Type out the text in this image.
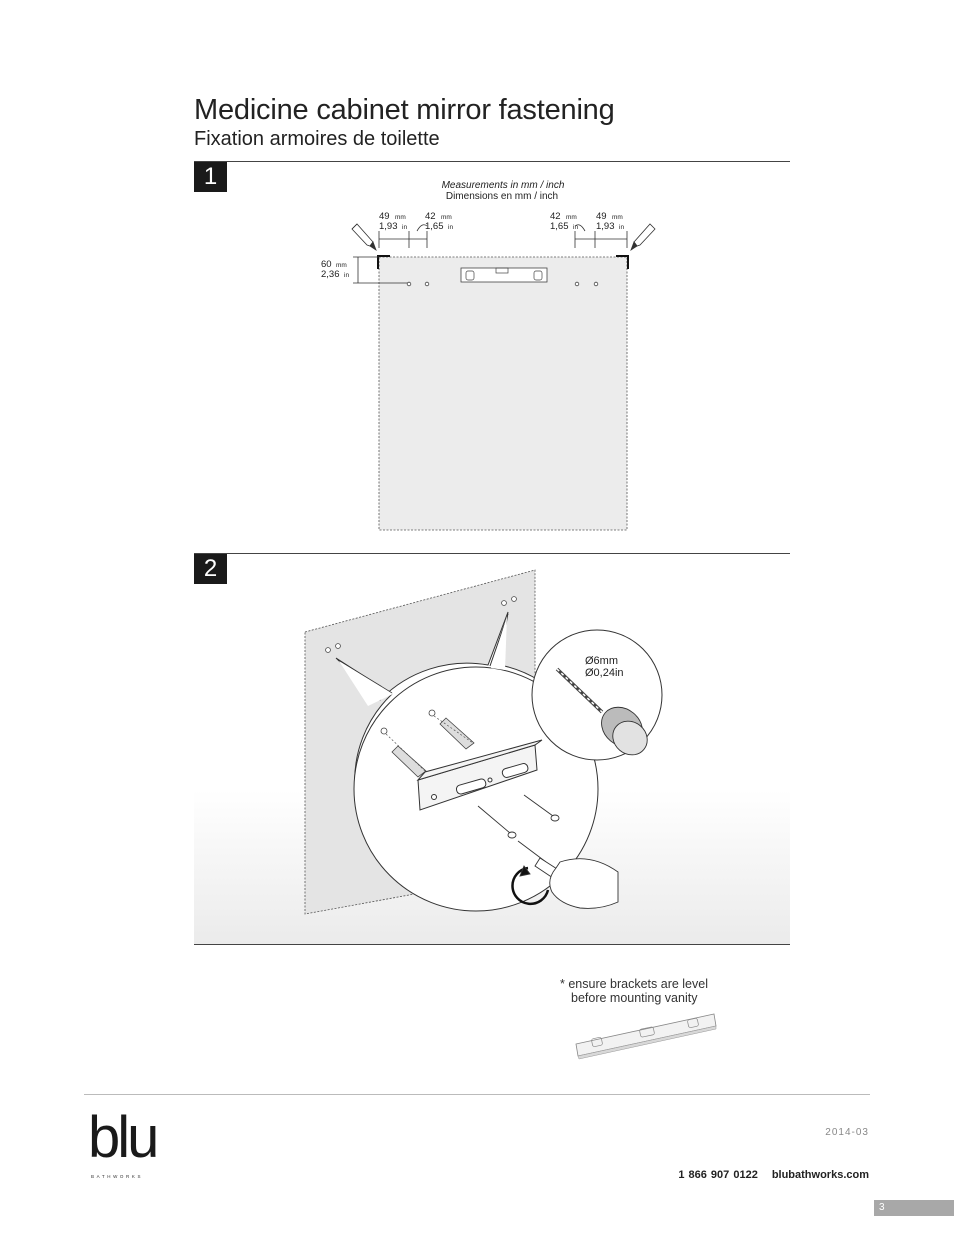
Medicine cabinet mirror fastening
Fixation armoires de toilette
1	Measurements in mm / inch
Dimensions en mm / inch
49 mm
1,93 in
42 mm
1,65 in
42 mm
1,65 in
49 mm
1,93 in
60 mm
2,36 in
2
Ø6mm
Ø0,24in
* ensure brackets are level
before mounting vanity
blu
BATHWORKS
2014-03
1 866 907 0122 blubathworks.com
3
